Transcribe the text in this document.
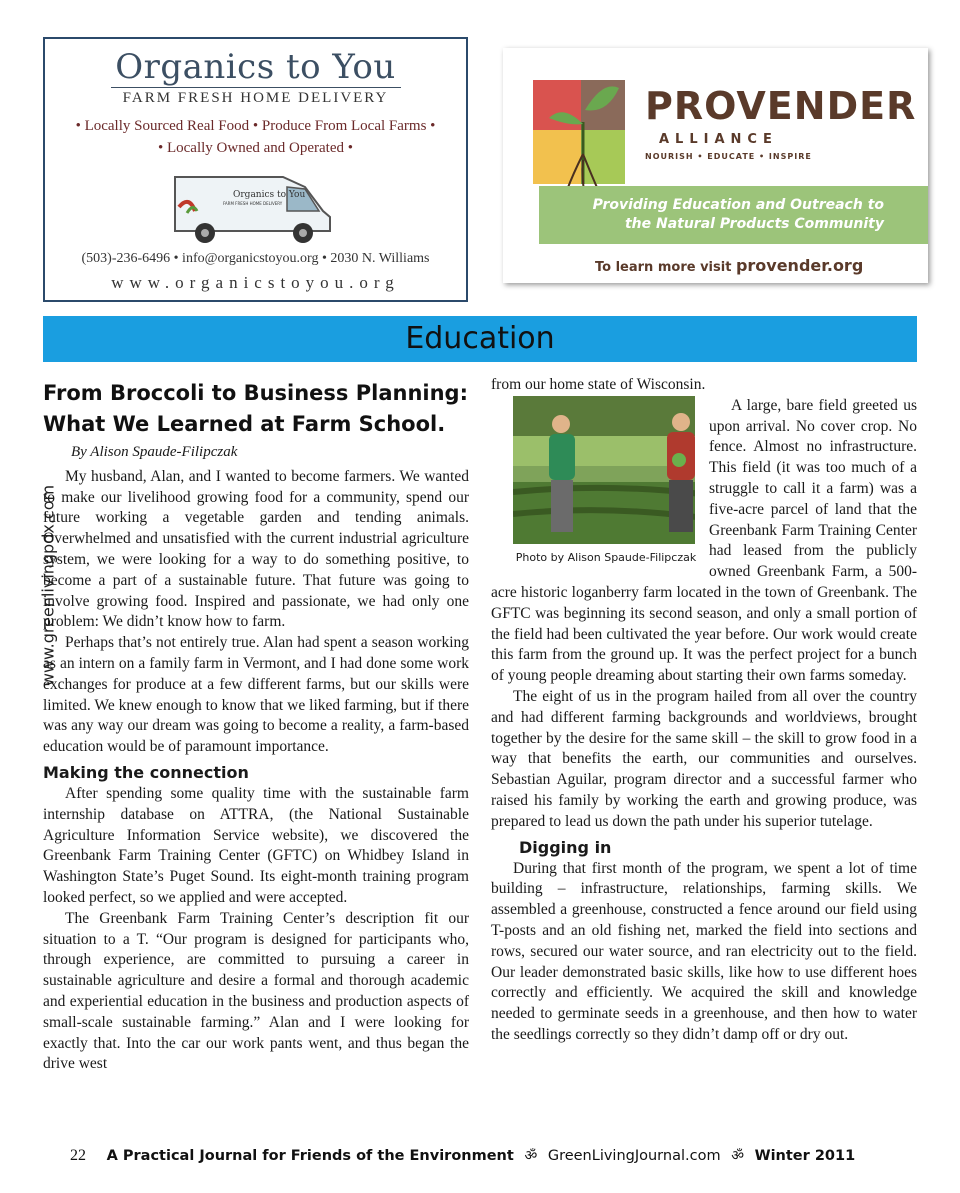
Organics to You
FARM FRESH HOME DELIVERY
• Locally Sourced Real Food • Produce From Local Farms •
• Locally Owned and Operated •
Organics to You
FARM FRESH HOME DELIVERY
(503)-236-6496 • info@organicstoyou.org • 2030 N. Williams
www.organicstoyou.org
PROVENDER
ALLIANCE
NOURISH • EDUCATE • INSPIRE
Providing Education and Outreach to
the Natural Products Community
To learn more visit provender.org
Education
www.greenlivingpdx.com
From Broccoli to Business Planning:
What We Learned at Farm School.
By Alison Spaude-Filipczak

My husband, Alan, and I wanted to become farmers. We wanted to make our livelihood growing food for a community, spend our future working a vegetable garden and tending animals. Overwhelmed and unsatisfied with the current industrial agriculture system, we were looking for a way to do something positive, to become a part of a sustainable future. That future was going to involve growing food. Inspired and passionate, we had only one problem: We didn’t know how to farm.

Perhaps that’s not entirely true. Alan had spent a season working as an intern on a family farm in Vermont, and I had done some work exchanges for produce at a few different farms, but our skills were limited. We knew enough to know that we liked farming, but if there was any way our dream was going to become a reality, a farm-based education would be of paramount importance.

Making the connection

After spending some quality time with the sustainable farm internship database on ATTRA, (the National Sustainable Agriculture Information Service website), we discovered the Greenbank Farm Training Center (GFTC) on Whidbey Island in Washington State’s Puget Sound. Its eight-month training program looked perfect, so we applied and were accepted.

The Greenbank Farm Training Center’s description fit our situation to a T. “Our program is designed for participants who, through experience, are committed to pursuing a career in sustainable agriculture and desire a formal and thorough academic and experiential education in the business and production aspects of small-scale sustainable farming.” Alan and I were looking for exactly that. Into the car our work pants went, and thus began the drive west

from our home state of Wisconsin.

Photo by Alison Spaude-Filipczak
A large, bare field greeted us upon arrival. No cover crop. No fence. Almost no infrastructure. This field (it was too much of a struggle to call it a farm) was a five-acre parcel of land that the Greenbank Farm Training Center had leased from the publicly owned Greenbank Farm, a 500-acre historic loganberry farm located in the town of Greenbank. The GFTC was beginning its second season, and only a small portion of the field had been cultivated the year before. Our work would create this farm from the ground up. It was the perfect project for a bunch of young people dreaming about starting their own farms someday.

The eight of us in the program hailed from all over the country and had different farming backgrounds and worldviews, brought together by the desire for the same skill – the skill to grow food in a way that benefits the earth, our communities and ourselves. Sebastian Aguilar, program director and a successful farmer who raised his family by working the earth and growing produce, was prepared to lead us down the path under his superior tutelage.

Digging in

During that first month of the program, we spent a lot of time building – infrastructure, relationships, farming skills. We assembled a greenhouse, constructed a fence around our field using T-posts and an old fishing net, marked the field into sections and rows, secured our water source, and ran electricity out to the field. Our leader demonstrated basic skills, like how to use different hoes correctly and efficiently. We acquired the skill and knowledge needed to germinate seeds in a greenhouse, and then how to water the seedlings correctly so they didn’t damp off or dry out.

22 A Practical Journal for Friends of the Environment ॐ GreenLivingJournal.com ॐ Winter 2011
